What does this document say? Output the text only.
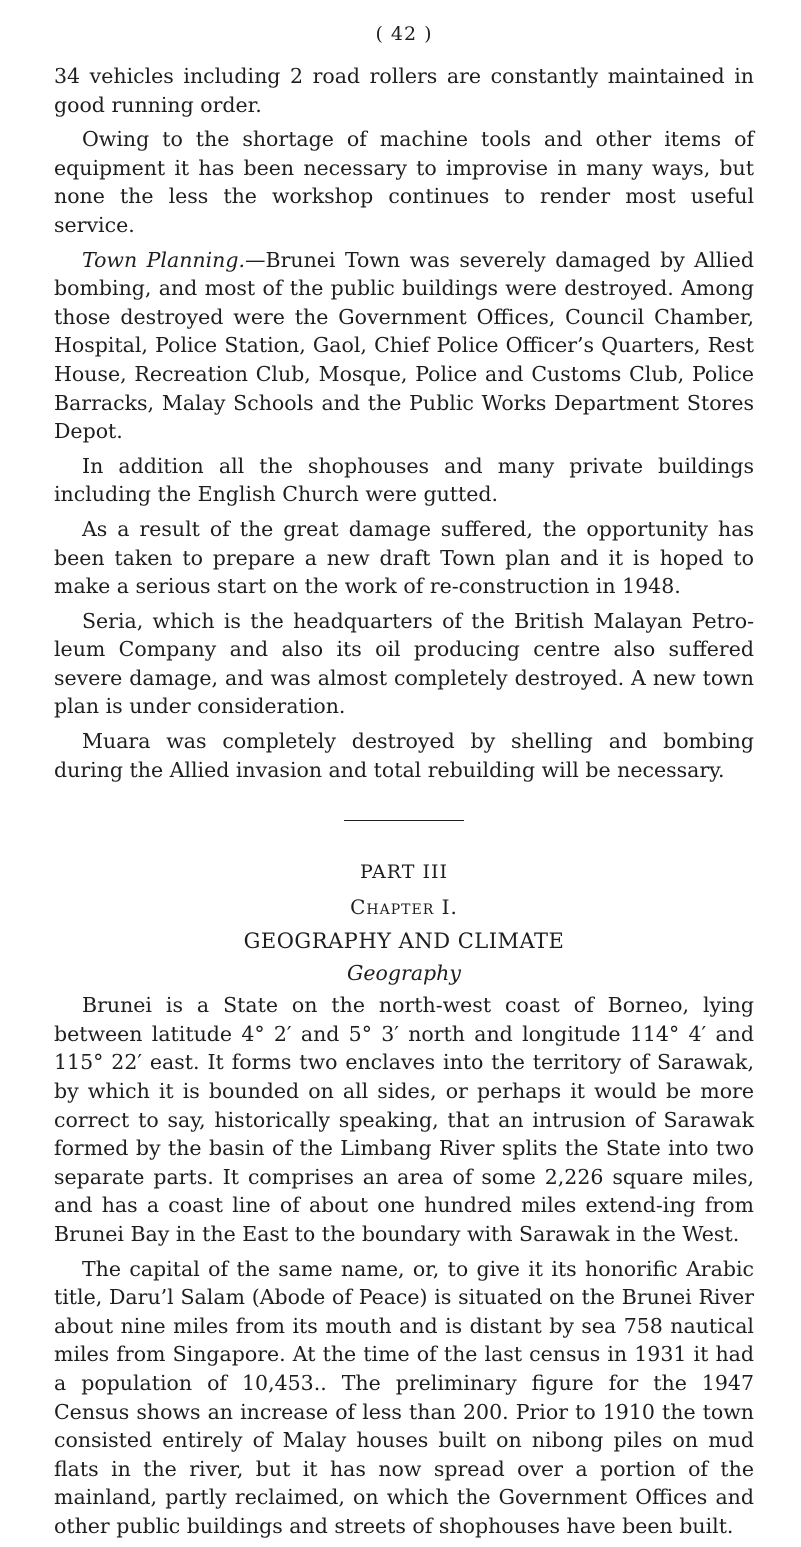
( 42 )

34 vehicles including 2 road rollers are constantly maintained in good running order.

Owing to the shortage of machine tools and other items of equipment it has been necessary to improvise in many ways, but none the less the workshop continues to render most useful service.

Town Planning.—Brunei Town was severely damaged by Allied bombing, and most of the public buildings were destroyed. Among those destroyed were the Government Offices, Council Chamber, Hospital, Police Station, Gaol, Chief Police Officer’s Quarters, Rest House, Recreation Club, Mosque, Police and Customs Club, Police Barracks, Malay Schools and the Public Works Department Stores Depot.

In addition all the shophouses and many private buildings including the English Church were gutted.

As a result of the great damage suffered, the opportunity has been taken to prepare a new draft Town plan and it is hoped to make a serious start on the work of re-construction in 1948.

Seria, which is the headquarters of the British Malayan Petro-leum Company and also its oil producing centre also suffered severe damage, and was almost completely destroyed. A new town plan is under consideration.

Muara was completely destroyed by shelling and bombing during the Allied invasion and total rebuilding will be necessary.

PART III
Chapter I.
GEOGRAPHY AND CLIMATE
Geography

Brunei is a State on the north-west coast of Borneo, lying between latitude 4° 2′ and 5° 3′ north and longitude 114° 4′ and 115° 22′ east. It forms two enclaves into the territory of Sarawak, by which it is bounded on all sides, or perhaps it would be more correct to say, historically speaking, that an intrusion of Sarawak formed by the basin of the Limbang River splits the State into two separate parts. It comprises an area of some 2,226 square miles, and has a coast line of about one hundred miles extend-ing from Brunei Bay in the East to the boundary with Sarawak in the West.

The capital of the same name, or, to give it its honorific Arabic title, Daru’l Salam (Abode of Peace) is situated on the Brunei River about nine miles from its mouth and is distant by sea 758 nautical miles from Singapore. At the time of the last census in 1931 it had a population of 10,453.. The preliminary figure for the 1947 Census shows an increase of less than 200. Prior to 1910 the town consisted entirely of Malay houses built on nibong piles on mud flats in the river, but it has now spread over a portion of the mainland, partly reclaimed, on which the Government Offices and other public buildings and streets of shophouses have been built.
